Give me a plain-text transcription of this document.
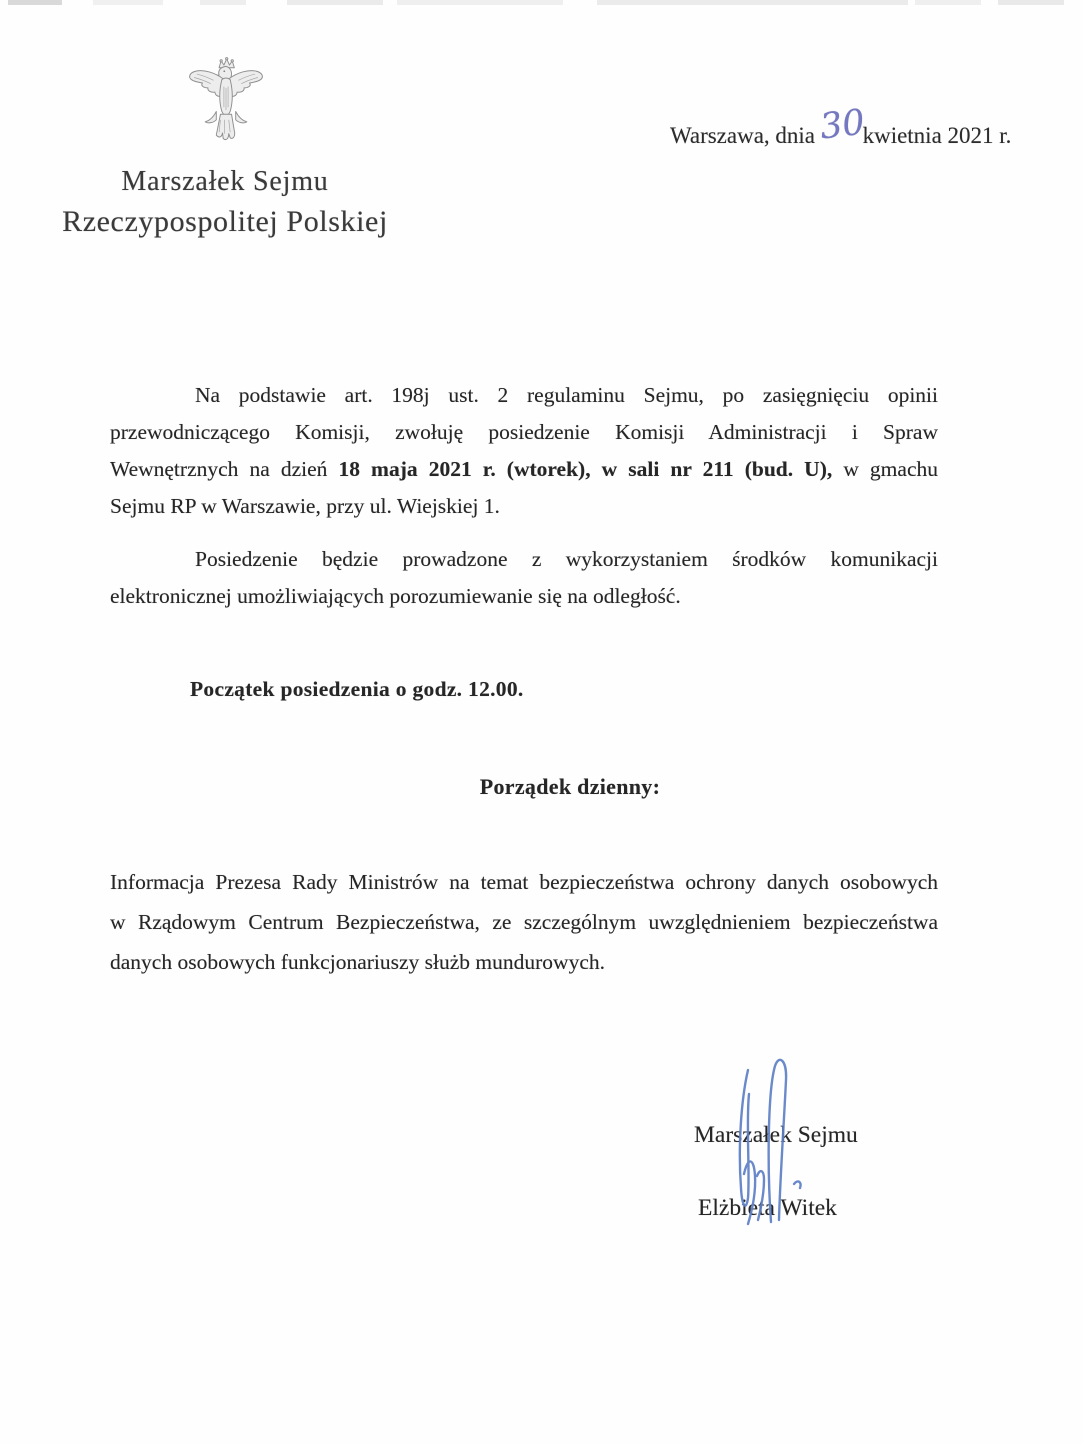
Marszałek Sejmu
Rzeczypospolitej Polskiej
Warszawa, dnia30kwietnia 2021 r.
Na podstawie art. 198j ust. 2 regulaminu Sejmu, po zasięgnięciu opinii
przewodniczącego Komisji, zwołuję posiedzenie Komisji Administracji i Spraw
Wewnętrznych na dzień 18 maja 2021 r. (wtorek), w sali nr 211 (bud. U), w gmachu
Sejmu RP w Warszawie, przy ul. Wiejskiej 1.
Posiedzenie będzie prowadzone z wykorzystaniem środków komunikacji
elektronicznej umożliwiających porozumiewanie się na odległość.
Początek posiedzenia o godz. 12.00.
Porządek dzienny:
Informacja Prezesa Rady Ministrów na temat bezpieczeństwa ochrony danych osobowych
w Rządowym Centrum Bezpieczeństwa, ze szczególnym uwzględnieniem bezpieczeństwa
danych osobowych funkcjonariuszy służb mundurowych.
Marszałek Sejmu
Elżbieta Witek
